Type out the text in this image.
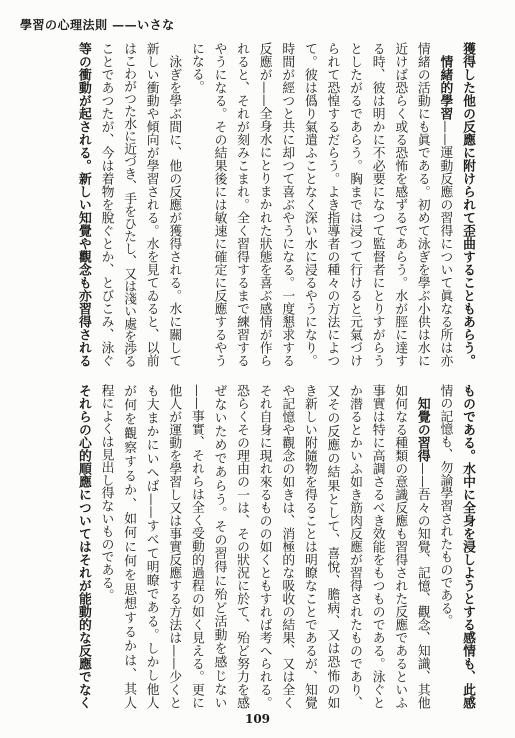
學習の心理法則 ——いさな
獲得した他の反應に附けられて歪曲することもあらう。
情緒的學習——運動反應の習得について眞なる所は亦
情緒の活動にも眞である。初めて泳ぎを學ぶ小供は水に
近けば恐らく或る恐怖を感ずるであらう。水が脛に達す
る時、彼は明かに不必要になつて監督者にとりすがらう
としたがるであらう。胸までは浸つて行けると元氣づけ
られて恐惶するだらう。よき指導者の種々の方法によつ
て。彼は僞り氣遣ふことなく深い水に浸るやうになり。
時間が經つと共に却つて喜ぶやうになる。一度懇求する
反應が——全身水にとりまかれた狀態を喜ぶ感情が作ら
れると、それが刻みこまれ。全く習得するまで練習する
やうになる。その結果後には敏速に確定に反應するやう
になる。
泳ぎを學ぶ間に、他の反應が獲得される。水に關して
新しい衝動や傾向が學習される。水を見てゐると、以前
はこわがつた水に近づき、手をひたし、又は淺い處を渉る
ことであつたが、今は着物を脫ぐとか、とびこみ、泳ぐ
等の衝動が起される。新しい知覺や觀念も亦習得される
ものである。水中に全身を浸しようとする感情も、此感
情の記憶も、勿論學習されたものである。
知覺の習得——吾々の知覺、記憶、觀念、知識、其他
如何なる種類の意識反應も習得された反應であるといふ
事實は特に高調さるべき效能をもつものである。泳ぐと
か潜るとかいふ如き筋肉反應が習得されたものであり、
又その反應の結果として、喜悅、膽病、又は恐怖の如
き新しい附隨物を得ることは明瞭なことであるが、知覺
や記憶や觀念の如きは、消極的な吸收の結果、又は全く
それ自身に現れ來るものの如くともすれば考へられる。
恐らくその理由の一は、その狀況に於て、殆ど努力を感
ぜないためであらう。その習得に殆ど活動を感じない
——事實、それらは全く受動的過程の如く見える。更に
他人が運動を學習し又は事實反應する方法は——少くと
も大まかにいへば——すべて明瞭である。しかし他人
が何を觀察するか、如何に何を思想するかは、其人
程によくは見出し得ないものである。
それらの心的順應についてはそれが能動的な反應でなく
109
